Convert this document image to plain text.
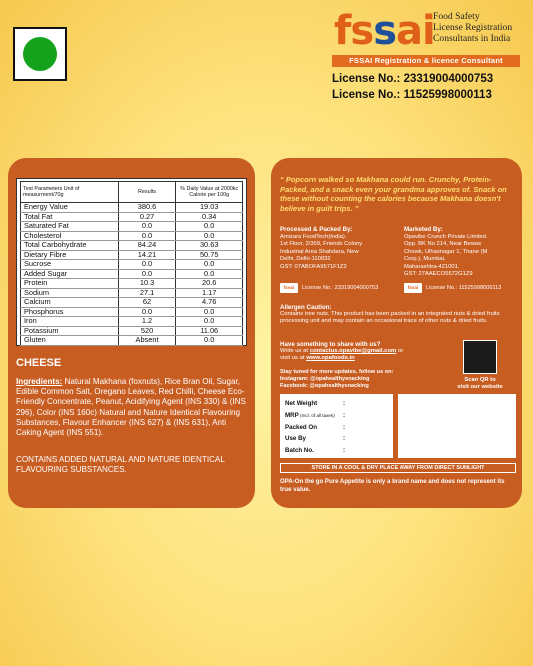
fssai
Food Safety
License Registration
Consultants in India
FSSAI Registration & licence Consultant
License No.: 23319004000753
License No.: 11525998000113
Test Parameters Unit of measurment/70g	Results	% Daily Value at 2000kc Calorie per 100g
Energy Value	380.6	19.03
Total Fat	0.27	0.34
Saturated Fat	0.0	0.0
Cholesterol	0.0	0.0
Total Carbohydrate	84.24	30.63
Dietary Fibre	14.21	50.75
Sucrose	0.0	0.0
Added Sugar	0.0	0.0
Protein	10.3	20.6
Sodium	27.1	1.17
Calcium	62	4.76
Phosphorus	0.0	0.0
Iron	1.2	0.0
Potassium	520	11.06
Gluten	Absent	0.0
CHEESE
Ingredients: Natural Makhana (foxnuts), Rice Bran Oil, Sugar, Edible Common Salt, Oregano Leaves, Red Chilli, Cheese Eco-Friendly Concentrate, Peanut, Acidifying Agent (INS 330) & (INS 296), Color (INS 160c) Natural and Nature Identical Flavouring Substances, Flavour Enhancer (INS 627) & (INS 631), Anti Caking Agent (INS 551).
CONTAINS ADDED NATURAL AND NATURE IDENTICAL FLAVOURING SUBSTANCES.
“ Popcorn walked so Makhana could run. Crunchy, Protein-Packed, and a snack even your grandma approves of. Snack on these without counting the calories because Makhana doesn't believe in guilt trips. ”
Processed & Packed By:
Amizara FoodTech(India).
1st Floor, 2/359, Friends Colony
Industrial Area Shahdara, New
Delhi, Delhi-110032
GST: 07ABOFA9571F1Z2
Marketed By:
Opavibe Crunch Private Limited.
Opp. BK No 214, Near Bewas
Chowk, Ulhasnagar 1, Thane (M
Corp.), Mumbai,
Maharashtra-421001.
GST: 27AAECO5572G1Z9
fssai	License No.: 23319004000753	fssai	License No.: 11525998000113
Allergen Caution:
Contains tree nuts. This product has been packed in an integrated nuts & dried fruits processing unit and may contain an occasional trace of other nuts & dried fruits.
Have something to share with us?
Write us at contactus.opavibe@gmail.com or
visit us at www.opafoods.in
Stay tuned for more updates, follow us on:
Instagram: @opahealthysnacking
Facebook: @opahealthysnacking
Scan QR to
visit our website
Net Weight	:
MRP (Incl. of all taxes)	:
Packed On	:
Use By	:
Batch No.	:
STORE IN A COOL & DRY PLACE AWAY FROM DIRECT SUNLIGHT
OPA-On the go Pure Appetite is only a brand name and does not represent its true value.
